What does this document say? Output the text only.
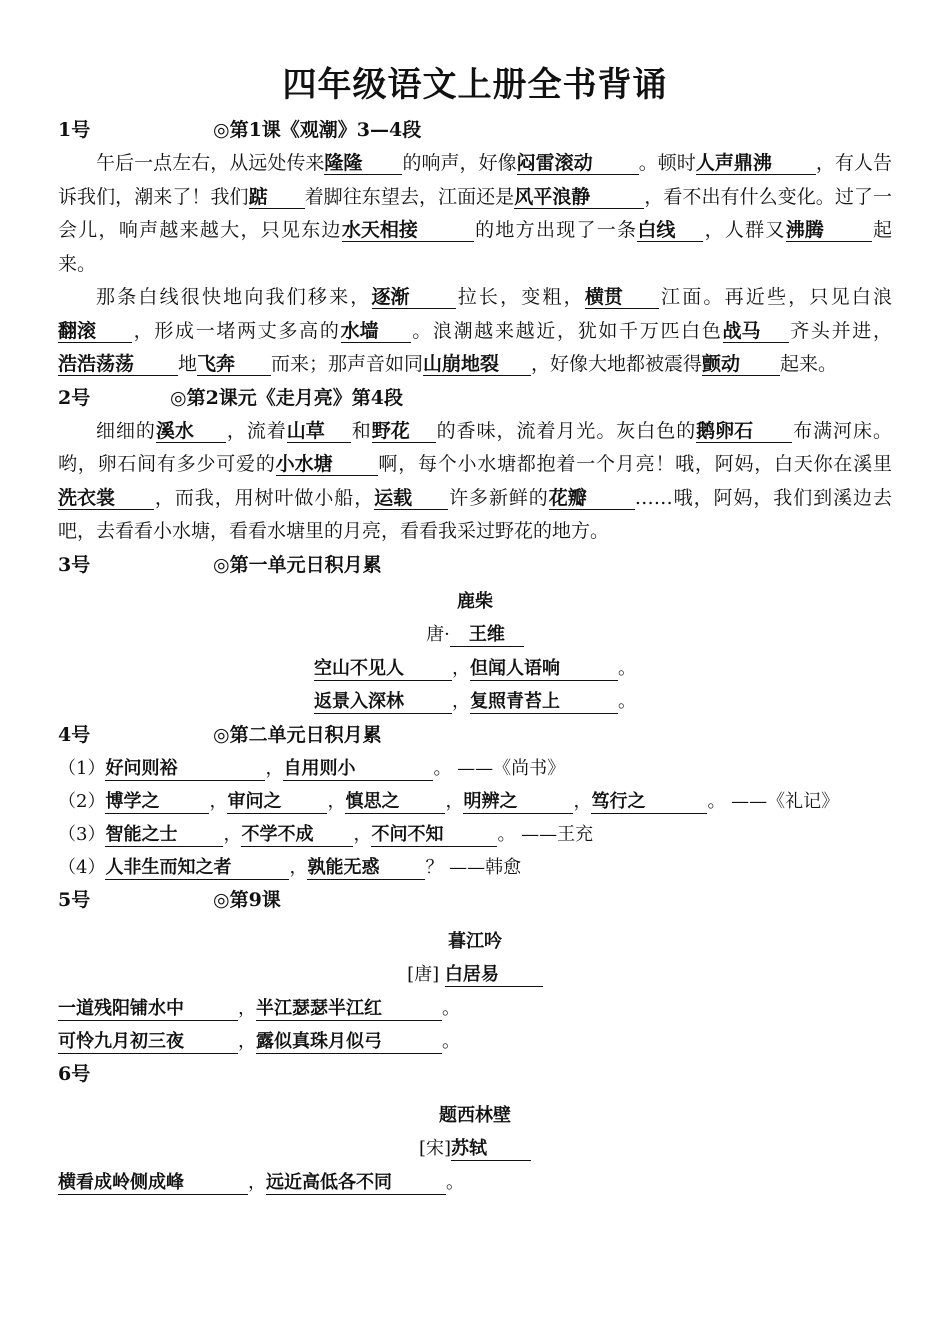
四年级语文上册全书背诵
1号	◎第1课《观潮》3—4段

午后一点左右，从远处传来隆隆 的响声，好像闷雷滚动 。顿时人声鼎沸 ，有人告诉我们，潮来了！我们踮 着脚往东望去，江面还是风平浪静	，看不出有什么变化。过了一会儿，响声越来越大，只见东边水天相接	的地方出现了一条白线 ，人群又沸腾	起来。

那条白线很快地向我们移来，逐渐 拉长，变粗，横贯 江面。再近些，只见白浪翻滚 ，形成一堵两丈多高的水墙 。浪潮越来越近，犹如千万匹白色战马 齐头并进，浩浩荡荡 地飞奔 而来；那声音如同山崩地裂 ，好像大地都被震得颤动 起来。

2号	◎第2课元《走月亮》第4段

细细的溪水 ，流着山草 和野花 的香味，流着月光。灰白色的鹅卵石 布满河床。哟，卵石间有多少可爱的小水塘 啊，每个小水塘都抱着一个月亮！哦，阿妈，白天你在溪里洗衣裳 ，而我，用树叶做小船，运载 许多新鲜的花瓣	……哦，阿妈，我们到溪边去吧，去看看小水塘，看看水塘里的月亮，看看我采过野花的地方。

3号	◎第一单元日积月累
鹿柴
唐· 王维
空山不见人	，但闻人语响	。
返景入深林	，复照青苔上	。
4号	◎第二单元日积月累
（1）好问则裕	，自用则小	。 ——《尚书》
（2）博学之	，审问之	，慎思之	，明辨之	，笃行之	。 ——《礼记》
（3）智能之士	，不学不成 ，不问不知	。 ——王充
（4）人非生而知之者	，孰能无惑	？ ——韩愈
5号	◎第9课
暮江吟
[唐] 白居易
一道残阳铺水中	，半江瑟瑟半江红	。
可怜九月初三夜	，露似真珠月似弓	。
6号
题西林壁
[宋]苏轼
横看成岭侧成峰	，远近高低各不同	。
